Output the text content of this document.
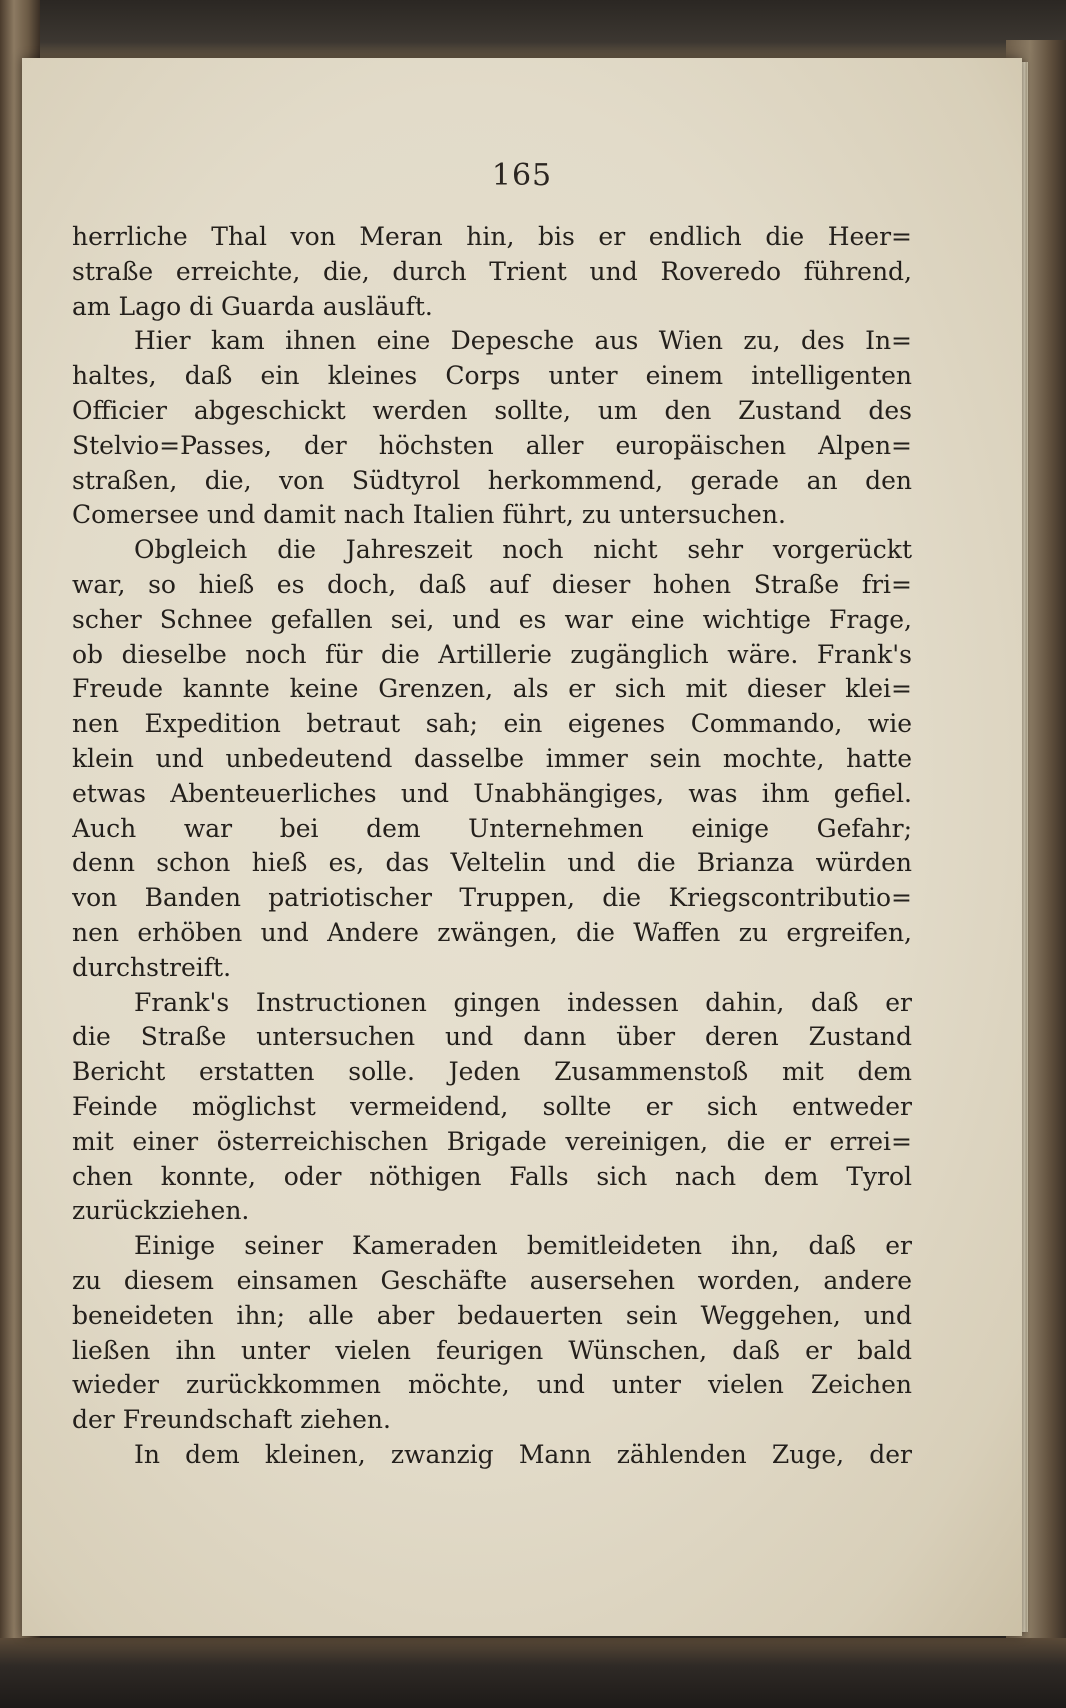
165
herrliche Thal von Meran hin, bis er endlich die Heer=
straße erreichte, die, durch Trient und Roveredo führend,
am Lago di Guarda ausläuft.
Hier kam ihnen eine Depesche aus Wien zu, des In=
haltes, daß ein kleines Corps unter einem intelligenten
Officier abgeschickt werden sollte, um den Zustand des
Stelvio=Passes, der höchsten aller europäischen Alpen=
straßen, die, von Südtyrol herkommend, gerade an den
Comersee und damit nach Italien führt, zu untersuchen.
Obgleich die Jahreszeit noch nicht sehr vorgerückt
war, so hieß es doch, daß auf dieser hohen Straße fri=
scher Schnee gefallen sei, und es war eine wichtige Frage,
ob dieselbe noch für die Artillerie zugänglich wäre. Frank's
Freude kannte keine Grenzen, als er sich mit dieser klei=
nen Expedition betraut sah; ein eigenes Commando, wie
klein und unbedeutend dasselbe immer sein mochte, hatte
etwas Abenteuerliches und Unabhängiges, was ihm gefiel.
Auch war bei dem Unternehmen einige Gefahr;
denn schon hieß es, das Veltelin und die Brianza würden
von Banden patriotischer Truppen, die Kriegscontributio=
nen erhöben und Andere zwängen, die Waffen zu ergreifen,
durchstreift.
Frank's Instructionen gingen indessen dahin, daß er
die Straße untersuchen und dann über deren Zustand
Bericht erstatten solle. Jeden Zusammenstoß mit dem
Feinde möglichst vermeidend, sollte er sich entweder
mit einer österreichischen Brigade vereinigen, die er errei=
chen konnte, oder nöthigen Falls sich nach dem Tyrol
zurückziehen.
Einige seiner Kameraden bemitleideten ihn, daß er
zu diesem einsamen Geschäfte ausersehen worden, andere
beneideten ihn; alle aber bedauerten sein Weggehen, und
ließen ihn unter vielen feurigen Wünschen, daß er bald
wieder zurückkommen möchte, und unter vielen Zeichen
der Freundschaft ziehen.
In dem kleinen, zwanzig Mann zählenden Zuge, der
